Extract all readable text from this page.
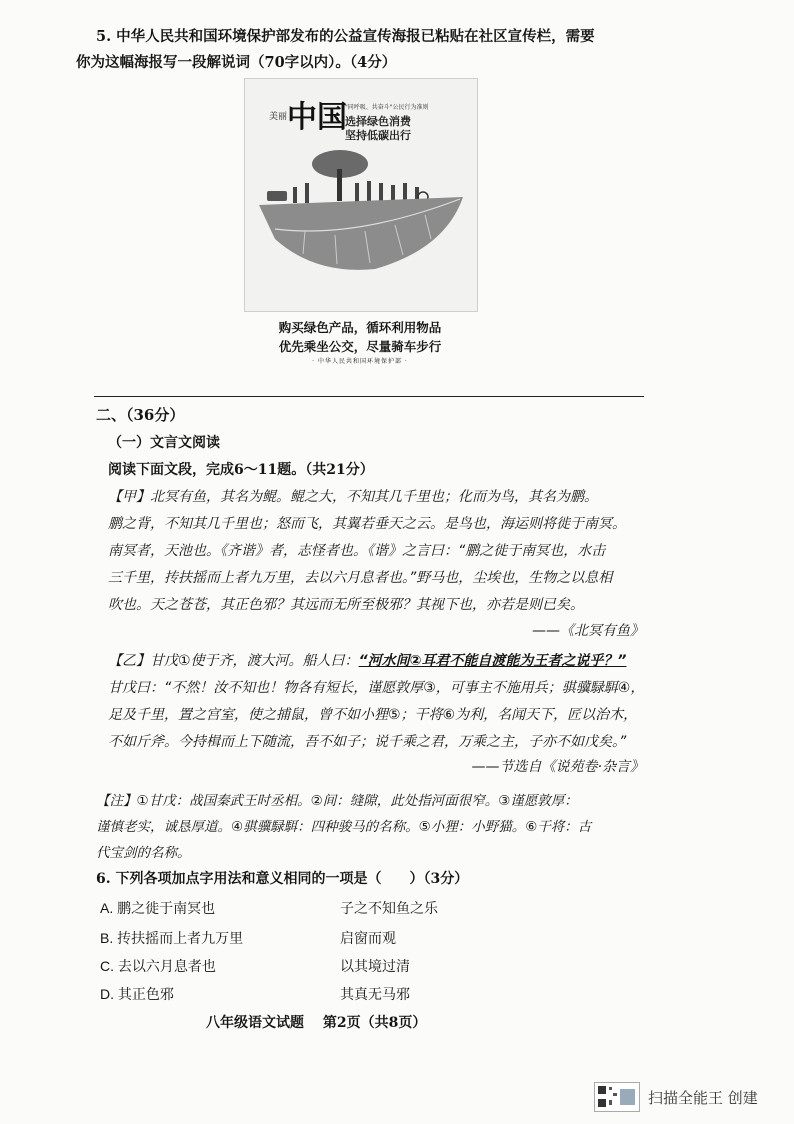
5. 中华人民共和国环境保护部发布的公益宣传海报已粘贴在社区宣传栏，需要
你为这幅海报写一段解说词（70字以内）。（4分）
美丽 中国
"同呼吸、共奋斗"公民行为准则
选择绿色消费
坚持低碳出行
购买绿色产品，循环利用物品
优先乘坐公交，尽量骑车步行
· 中华人民共和国环境保护部 ·
二、（36分）
（一）文言文阅读
阅读下面文段，完成6～11题。（共21分）
【甲】北冥有鱼，其名为鲲。鲲之大，不知其几千里也；化而为鸟，其名为鹏。
鹏之背，不知其几千里也；怒而飞，其翼若垂天之云。是鸟也，海运则将徙于南冥。
南冥者，天池也。《齐谐》者，志怪者也。《谐》之言曰：“鹏之徙于南冥也，水击
三千里，抟扶摇而上者九万里，去以六月息者也。”野马也，尘埃也，生物之以息相
吹也。天之苍苍，其正色邪？其远而无所至极邪？其视下也，亦若是则已矣。
——《北冥有鱼》
【乙】甘戊①使于齐，渡大河。船人曰：“河水间②耳君不能自渡能为王者之说乎？”
甘戊曰：“不然！汝不知也！物各有短长，谨愿敦厚③，可事主不施用兵；骐骥騄駬④，
足及千里，置之宫室，使之捕鼠，曾不如小狸⑤；干将⑥为利，名闻天下，匠以治木，
不如斤斧。今持楫而上下随流，吾不如子；说千乘之君，万乘之主，子亦不如戊矣。”
——节选自《说苑卷·杂言》
【注】①甘戊：战国秦武王时丞相。②间：缝隙，此处指河面很窄。③谨愿敦厚：
谨慎老实，诚恳厚道。④骐骥騄駬：四种骏马的名称。⑤小狸：小野猫。⑥干将：古
代宝剑的名称。
6. 下列各项加点字用法和意义相同的一项是（　　）（3分）
A. 鹏之徙于南冥也	子之不知鱼之乐
B. 抟扶摇而上者九万里	启窗而观
C. 去以六月息者也	以其境过清
D. 其正色邪	其真无马邪
八年级语文试题 第2页（共8页）
扫描全能王 创建
